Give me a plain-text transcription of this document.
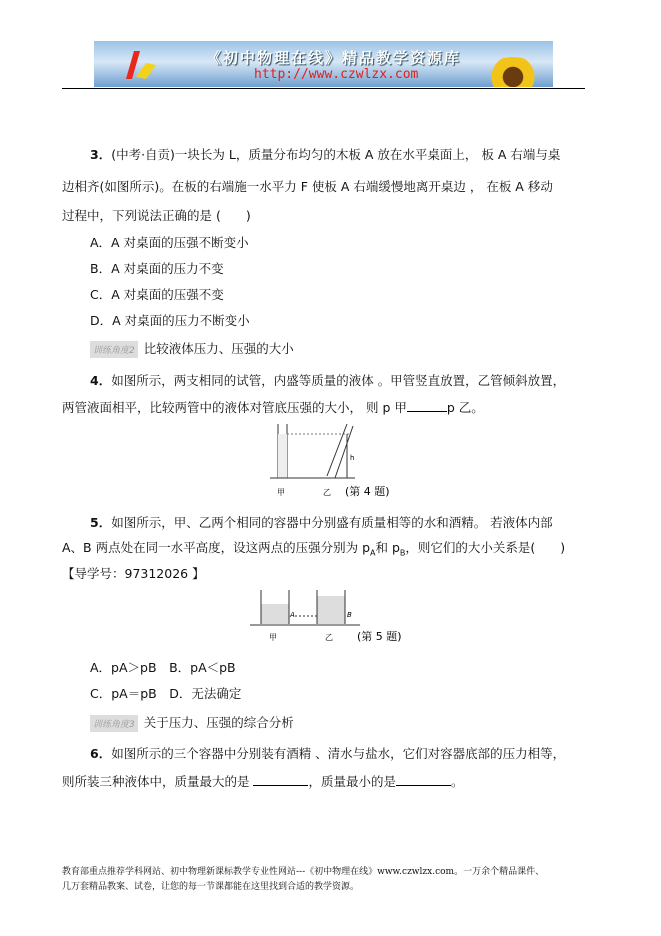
《初中物理在线》精品教学资源库
http://www.czwlzx.com
3．(中考·自贡)一块长为 L，质量分布均匀的木板 A 放在水平桌面上， 板 A 右端与桌
边相齐(如图所示)。在板的右端施一水平力 F 使板 A 右端缓慢地离开桌边 ， 在板 A 移动
过程中，下列说法正确的是 (　　)
A．A 对桌面的压强不断变小
B．A 对桌面的压力不变
C．A 对桌面的压强不变
D．A 对桌面的压力不断变小
训练角度2 比较液体压力、压强的大小
4．如图所示，两支相同的试管，内盛等质量的液体 。甲管竖直放置，乙管倾斜放置，
两管液面相平，比较两管中的液体对管底压强的大小， 则 p 甲	p 乙。
h
甲	乙 (第 4 题)
5．如图所示，甲、乙两个相同的容器中分别盛有质量相等的水和酒精。 若液体内部
A、B 两点处在同一水平高度，设这两点的压强分别为 $p_A$和 $p_B$，则它们的大小关系是(　　)
【导学号：97312026 】
A	B
甲	乙 (第 5 题)
A．pA＞pB　 B．pA＜pB
C．pA＝pB　 D．无法确定
训练角度3 关于压力、压强的综合分析
6．如图所示的三个容器中分别装有酒精 、清水与盐水，它们对容器底部的压力相等，
则所装三种液体中，质量最大的是	，质量最小的是	。
教育部重点推荐学科网站、初中物理新课标教学专业性网站---《初中物理在线》www.czwlzx.com。一万余个精品课件、
几万套精品教案、试卷，让您的每一节课都能在这里找到合适的教学资源。
